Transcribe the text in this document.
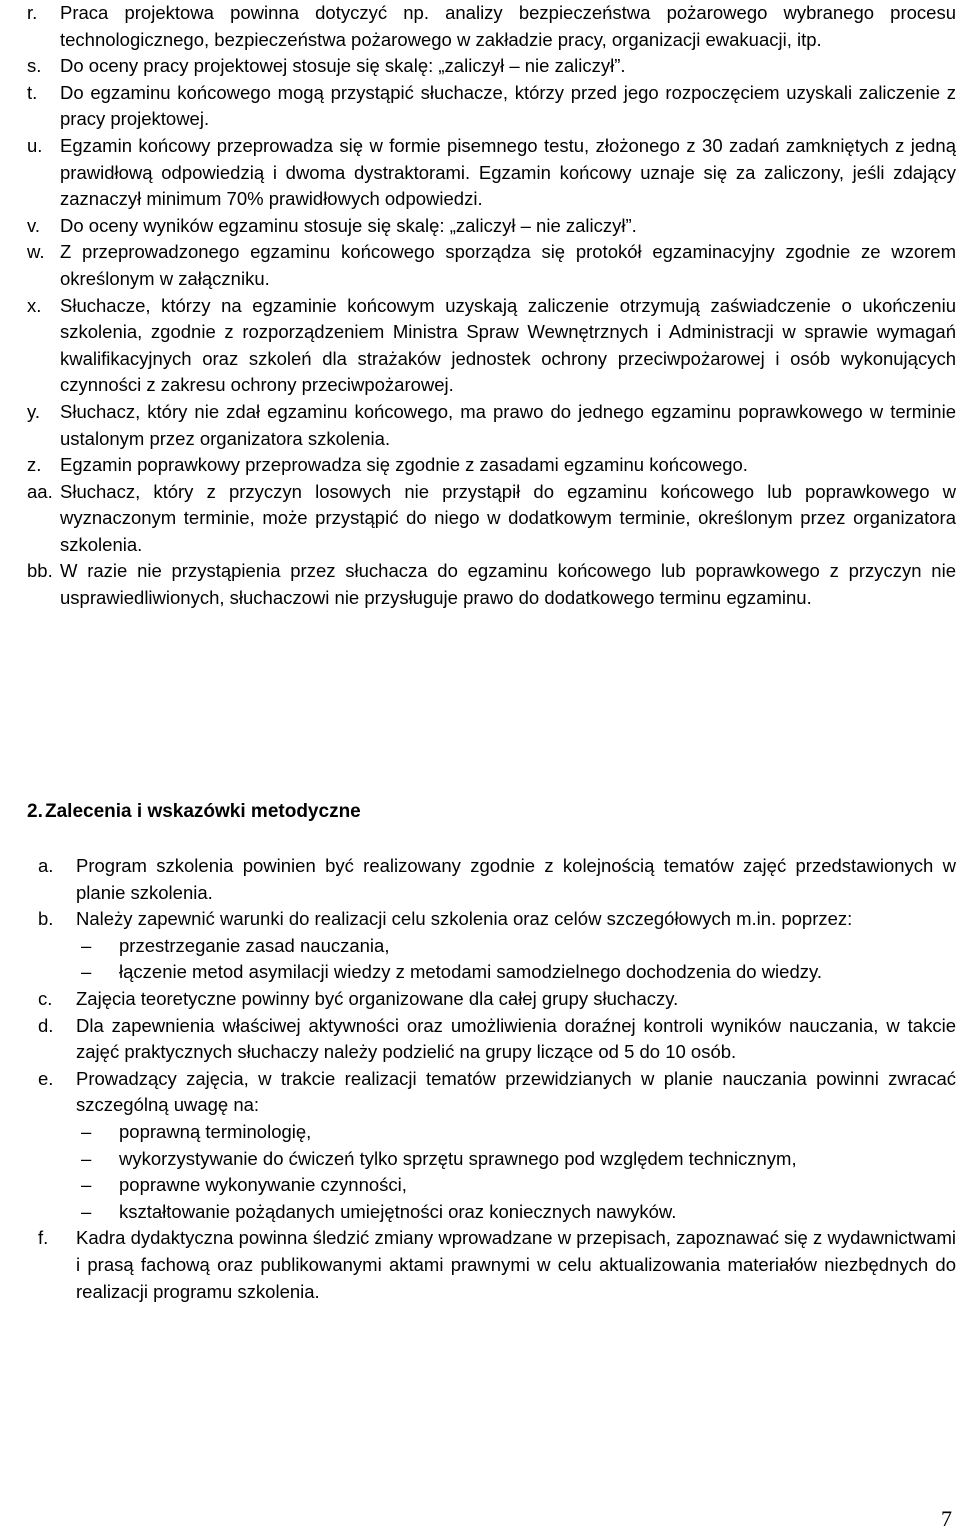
r. Praca projektowa powinna dotyczyć np. analizy bezpieczeństwa pożarowego wybranego procesu technologicznego, bezpieczeństwa pożarowego w zakładzie pracy, organizacji ewakuacji, itp.
s. Do oceny pracy projektowej stosuje się skalę: „zaliczył – nie zaliczył”.
t. Do egzaminu końcowego mogą przystąpić słuchacze, którzy przed jego rozpoczęciem uzyskali zaliczenie z pracy projektowej.
u. Egzamin końcowy przeprowadza się w formie pisemnego testu, złożonego z 30 zadań zamkniętych z jedną prawidłową odpowiedzią i dwoma dystraktorami. Egzamin końcowy uznaje się za zaliczony, jeśli zdający zaznaczył minimum 70% prawidłowych odpowiedzi.
v. Do oceny wyników egzaminu stosuje się skalę: „zaliczył – nie zaliczył”.
w. Z przeprowadzonego egzaminu końcowego sporządza się protokół egzaminacyjny zgodnie ze wzorem określonym w załączniku.
x. Słuchacze, którzy na egzaminie końcowym uzyskają zaliczenie otrzymują zaświadczenie o ukończeniu szkolenia, zgodnie z rozporządzeniem Ministra Spraw Wewnętrznych i Administracji w sprawie wymagań kwalifikacyjnych oraz szkoleń dla strażaków jednostek ochrony przeciwpożarowej i osób wykonujących czynności z zakresu ochrony przeciwpożarowej.
y. Słuchacz, który nie zdał egzaminu końcowego, ma prawo do jednego egzaminu poprawkowego w terminie ustalonym przez organizatora szkolenia.
z. Egzamin poprawkowy przeprowadza się zgodnie z zasadami egzaminu końcowego.
aa. Słuchacz, który z przyczyn losowych nie przystąpił do egzaminu końcowego lub poprawkowego w wyznaczonym terminie, może przystąpić do niego w dodatkowym terminie, określonym przez organizatora szkolenia.
bb. W razie nie przystąpienia przez słuchacza do egzaminu końcowego lub poprawkowego z przyczyn nie usprawiedliwionych, słuchaczowi nie przysługuje prawo do dodatkowego terminu egzaminu.
2. Zalecenia i wskazówki metodyczne
a. Program szkolenia powinien być realizowany zgodnie z kolejnością tematów zajęć przedstawionych w planie szkolenia.
b. Należy zapewnić warunki do realizacji celu szkolenia oraz celów szczegółowych m.in. poprzez:
– przestrzeganie zasad nauczania,
– łączenie metod asymilacji wiedzy z metodami samodzielnego dochodzenia do wiedzy.
c. Zajęcia teoretyczne powinny być organizowane dla całej grupy słuchaczy.
d. Dla zapewnienia właściwej aktywności oraz umożliwienia doraźnej kontroli wyników nauczania, w takcie zajęć praktycznych słuchaczy należy podzielić na grupy liczące od 5 do 10 osób.
e. Prowadzący zajęcia, w trakcie realizacji tematów przewidzianych w planie nauczania powinni zwracać szczególną uwagę na:
– poprawną terminologię,
– wykorzystywanie do ćwiczeń tylko sprzętu sprawnego pod względem technicznym,
– poprawne wykonywanie czynności,
– kształtowanie pożądanych umiejętności oraz koniecznych nawyków.
f. Kadra dydaktyczna powinna śledzić zmiany wprowadzane w przepisach, zapoznawać się z wydawnictwami i prasą fachową oraz publikowanymi aktami prawnymi w celu aktualizowania materiałów niezbędnych do realizacji programu szkolenia.
7
